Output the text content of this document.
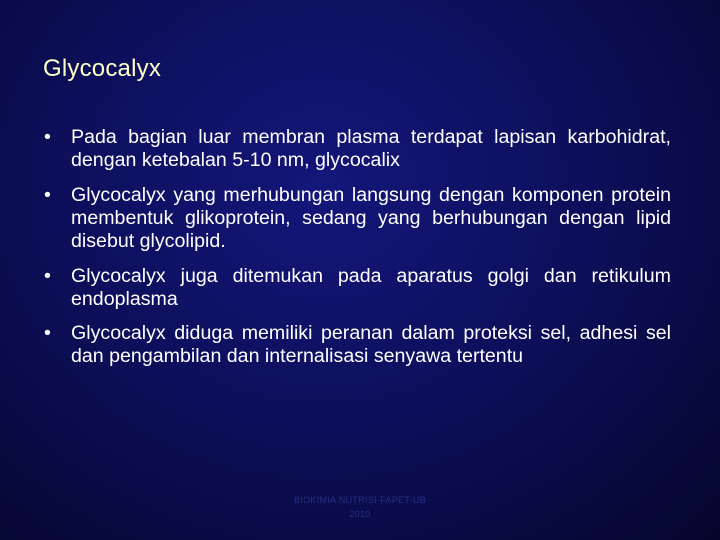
Glycocalyx
• Pada bagian luar membran plasma terdapat lapisan karbohidrat, dengan ketebalan 5-10 nm, glycocalix
• Glycocalyx yang merhubungan langsung dengan komponen protein membentuk glikoprotein, sedang yang berhubungan dengan lipid disebut glycolipid.
• Glycocalyx juga ditemukan pada aparatus golgi dan retikulum endoplasma
• Glycocalyx diduga memiliki peranan dalam proteksi sel, adhesi sel dan pengambilan dan internalisasi senyawa tertentu
BIOKIMIA NUTRISI-FAPET-UB
2010
